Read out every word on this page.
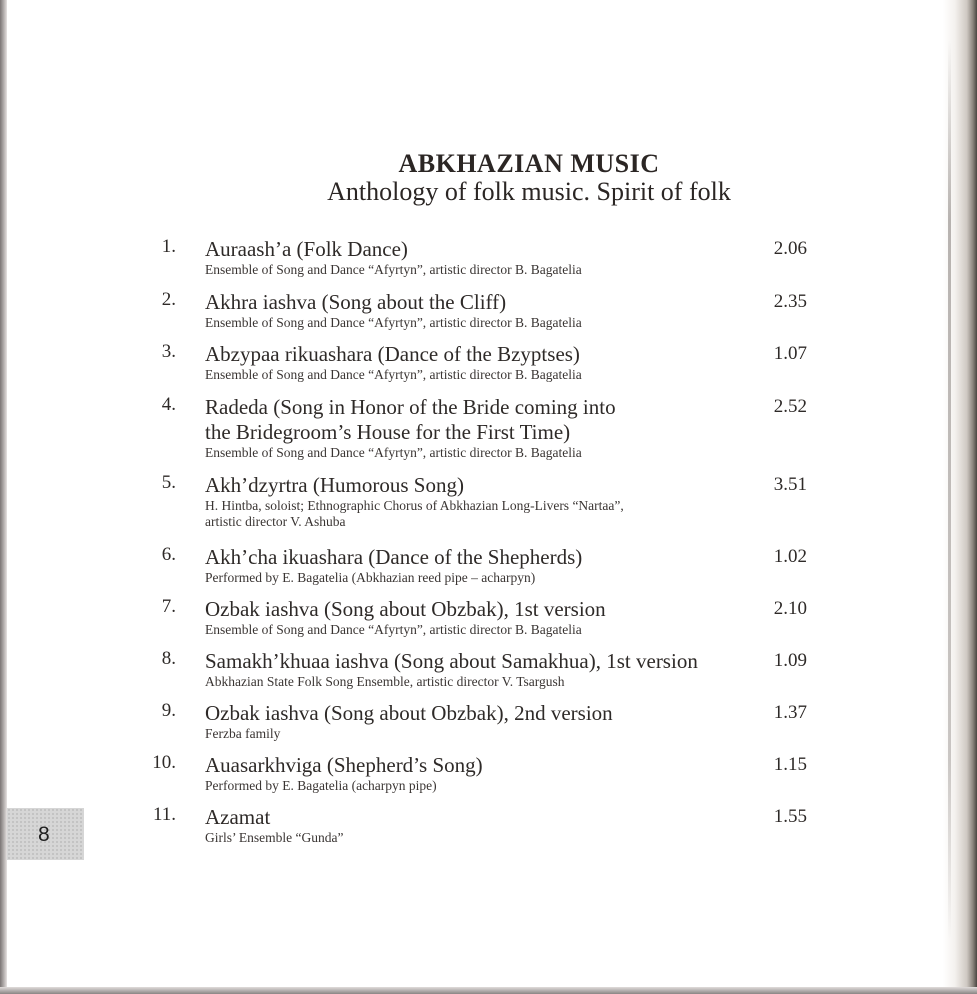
ABKHAZIAN MUSIC
Anthology of folk music. Spirit of folk
1. Auraash’a (Folk Dance)
Ensemble of Song and Dance “Afyrtyn”, artistic director B. Bagatelia
2.06
2. Akhra iashva (Song about the Cliff)
Ensemble of Song and Dance “Afyrtyn”, artistic director B. Bagatelia
2.35
3. Abzypaa rikuashara (Dance of the Bzyptses)
Ensemble of Song and Dance “Afyrtyn”, artistic director B. Bagatelia
1.07
4. Radeda (Song in Honor of the Bride coming into
the Bridegroom’s House for the First Time)
Ensemble of Song and Dance “Afyrtyn”, artistic director B. Bagatelia
2.52
5. Akh’dzyrtra (Humorous Song)
H. Hintba, soloist; Ethnographic Chorus of Abkhazian Long-Livers “Nartaa”,
artistic director V. Ashuba
3.51
6. Akh’cha ikuashara (Dance of the Shepherds)
Performed by E. Bagatelia (Abkhazian reed pipe – acharpyn)
1.02
7. Ozbak iashva (Song about Obzbak), 1st version
Ensemble of Song and Dance “Afyrtyn”, artistic director B. Bagatelia
2.10
8. Samakh’khuaa iashva (Song about Samakhua), 1st version
Abkhazian State Folk Song Ensemble, artistic director V. Tsargush
1.09
9. Ozbak iashva (Song about Obzbak), 2nd version
Ferzba family
1.37
10. Auasarkhviga (Shepherd’s Song)
Performed by E. Bagatelia (acharpyn pipe)
1.15
11. Azamat
Girls’ Ensemble “Gunda”
1.55
8
